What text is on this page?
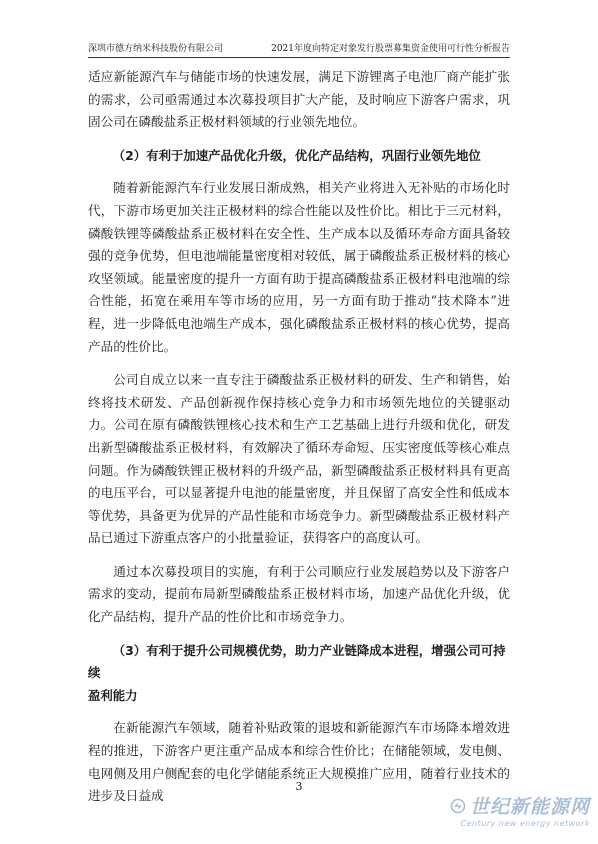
深圳市德方纳米科技股份有限公司	2021年度向特定对象发行股票募集资金使用可行性分析报告

适应新能源汽车与储能市场的快速发展，满足下游锂离子电池厂商产能扩张的需求，公司亟需通过本次募投项目扩大产能，及时响应下游客户需求，巩固公司在磷酸盐系正极材料领域的行业领先地位。

（2）有利于加速产品优化升级，优化产品结构，巩固行业领先地位

随着新能源汽车行业发展日渐成熟，相关产业将进入无补贴的市场化时代，下游市场更加关注正极材料的综合性能以及性价比。相比于三元材料，磷酸铁锂等磷酸盐系正极材料在安全性、生产成本以及循环寿命方面具备较强的竞争优势，但电池端能量密度相对较低，属于磷酸盐系正极材料的核心攻坚领域。能量密度的提升一方面有助于提高磷酸盐系正极材料电池端的综合性能，拓宽在乘用车等市场的应用，另一方面有助于推动“技术降本”进程，进一步降低电池端生产成本，强化磷酸盐系正极材料的核心优势，提高产品的性价比。

公司自成立以来一直专注于磷酸盐系正极材料的研发、生产和销售，始终将技术研发、产品创新视作保持核心竞争力和市场领先地位的关键驱动力。公司在原有磷酸铁锂核心技术和生产工艺基础上进行升级和优化，研发出新型磷酸盐系正极材料，有效解决了循环寿命短、压实密度低等核心难点问题。作为磷酸铁锂正极材料的升级产品，新型磷酸盐系正极材料具有更高的电压平台，可以显著提升电池的能量密度，并且保留了高安全性和低成本等优势，具备更为优异的产品性能和市场竞争力。新型磷酸盐系正极材料产品已通过下游重点客户的小批量验证，获得客户的高度认可。

通过本次募投项目的实施，有利于公司顺应行业发展趋势以及下游客户需求的变动，提前布局新型磷酸盐系正极材料市场，加速产品优化升级，优化产品结构，提升产品的性价比和市场竞争力。

（3）有利于提升公司规模优势，助力产业链降成本进程，增强公司可持续
盈利能力

在新能源汽车领域，随着补贴政策的退坡和新能源汽车市场降本增效进程的推进，下游客户更注重产品成本和综合性价比；在储能领域，发电侧、电网侧及用户侧配套的电化学储能系统正大规模推广应用，随着行业技术的进步及日益成

3
世纪新能源网
Century new energy network
